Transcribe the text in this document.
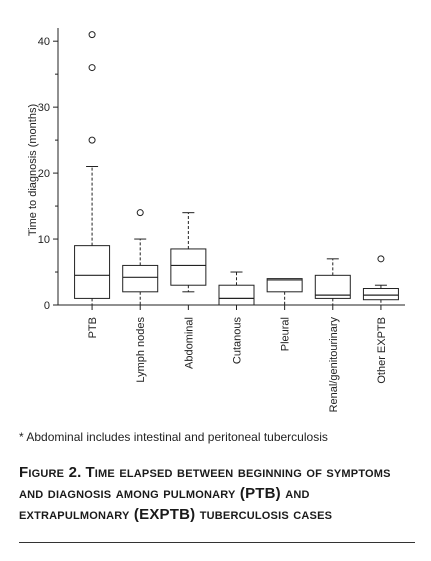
0
10
20
30
40
PTB	Lymph nodes	Abdominal	Cutanous	Pleural	Renal/genitourinary	Other EXPTB
Time to diagnosis (months)
* Abdominal includes intestinal and peritoneal tuberculosis
Figure 2. Time elapsed between beginning of symptoms and diagnosis among pulmonary (PTB) and extrapulmonary (EXPTB) tuberculosis cases
